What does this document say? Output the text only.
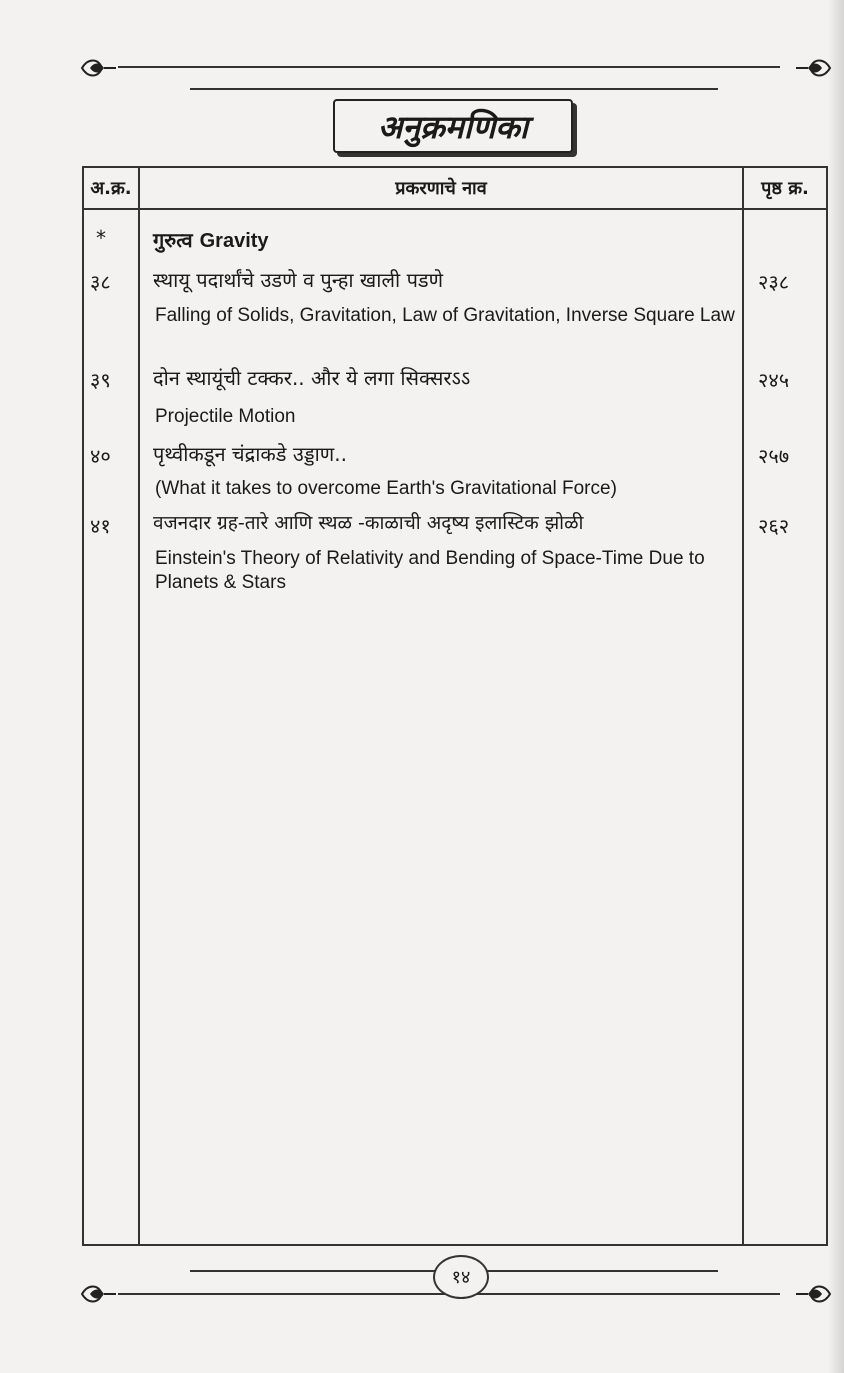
अनुक्रमणिका
अ.क्र.	प्रकरणाचे नाव	पृष्ठ क्र.
* गुरुत्व Gravity
३८ स्थायू पदार्थांचे उडणे व पुन्हा खाली पडणे	२३८
Falling of Solids, Gravitation, Law of Gravitation, Inverse Square Law
३९ दोन स्थायूंची टक्कर.. और ये लगा सिक्सरऽऽ	२४५
Projectile Motion
४० पृथ्वीकडून चंद्राकडे उड्डाण..	२५७
(What it takes to overcome Earth's Gravitational Force)
४१ वजनदार ग्रह-तारे आणि स्थळ -काळाची अदृष्य इलास्टिक झोळी	२६२
Einstein's Theory of Relativity and Bending of Space-Time Due to Planets & Stars
१४
